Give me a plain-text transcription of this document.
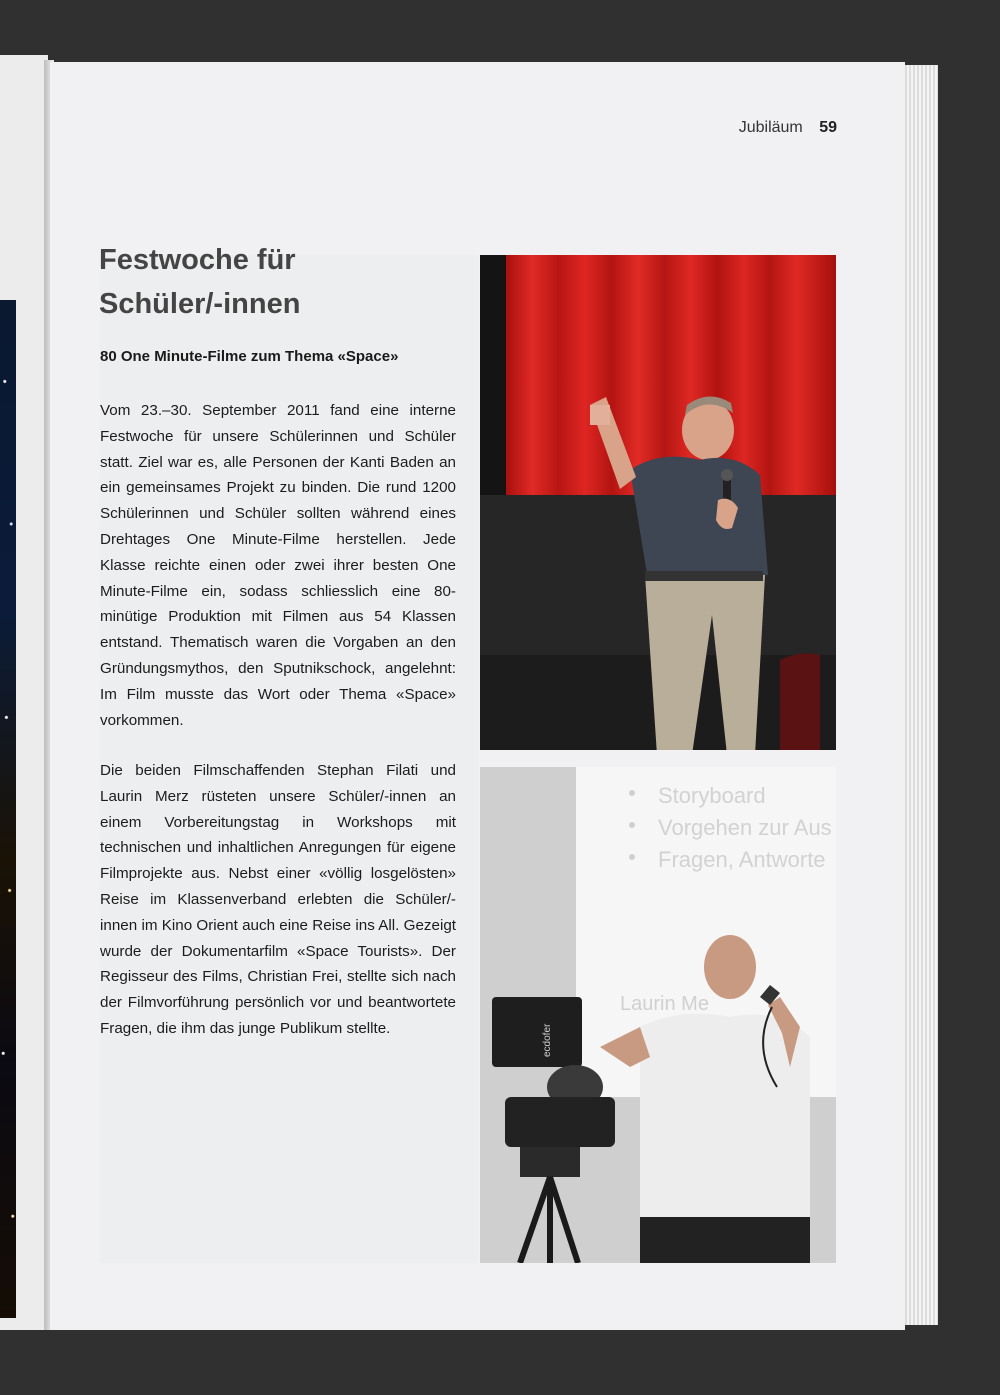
Jubiläum 59
Festwoche für
Schüler/-innen

80 One Minute-Filme zum Thema «Space»

Vom 23.–30. September 2011 fand eine interne Festwoche für unsere Schülerinnen und Schüler statt. Ziel war es, alle Personen der Kanti Baden an ein gemeinsames Projekt zu binden. Die rund 1200 Schülerinnen und Schüler sollten während eines Drehtages One Minute-Filme herstellen. Jede Klasse reichte einen oder zwei ihrer besten One Minute-Filme ein, sodass schliesslich eine 80-minütige Produktion mit Filmen aus 54 Klassen entstand. Thematisch waren die Vorgaben an den Gründungsmythos, den Sputnikschock, angelehnt: Im Film musste das Wort oder Thema «Space» vorkommen.

Die beiden Filmschaffenden Stephan Filati und Laurin Merz rüsteten unsere Schüler/-innen an einem Vorbereitungstag in Workshops mit technischen und inhaltlichen Anregungen für eigene Filmprojekte aus. Nebst einer «völlig losgelösten» Reise im Klassenverband erlebten die Schüler/-innen im Kino Orient auch eine Reise ins All. Gezeigt wurde der Dokumentarfilm «Space Tourists». Der Regisseur des Films, Christian Frei, stellte sich nach der Filmvorführung persönlich vor und beantwortete Fragen, die ihm das junge Publikum stellte.

Storyboard
Vorgehen zur Aus
Fragen, Antworte
Laurin Me
ecdofer
